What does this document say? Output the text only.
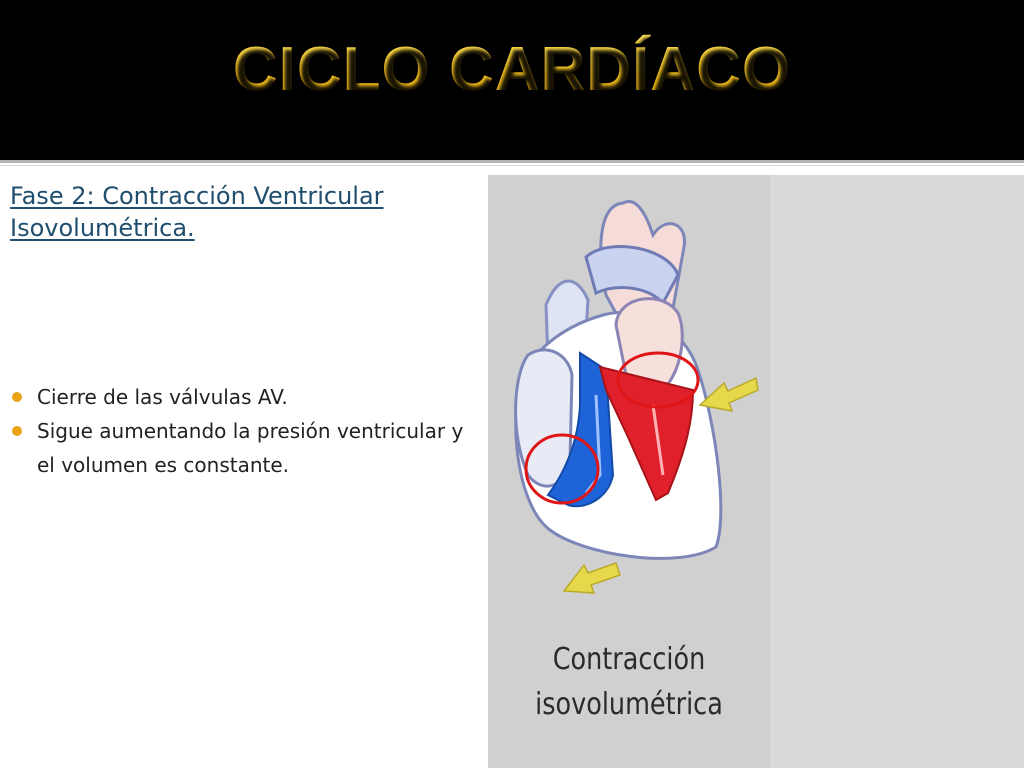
CICLO CARDÍACO
Fase 2: Contracción Ventricular
Isovolumétrica.
Cierre de las válvulas AV.
Sigue aumentando la presión ventricular y el volumen es constante.
Contracción
isovolumétrica
